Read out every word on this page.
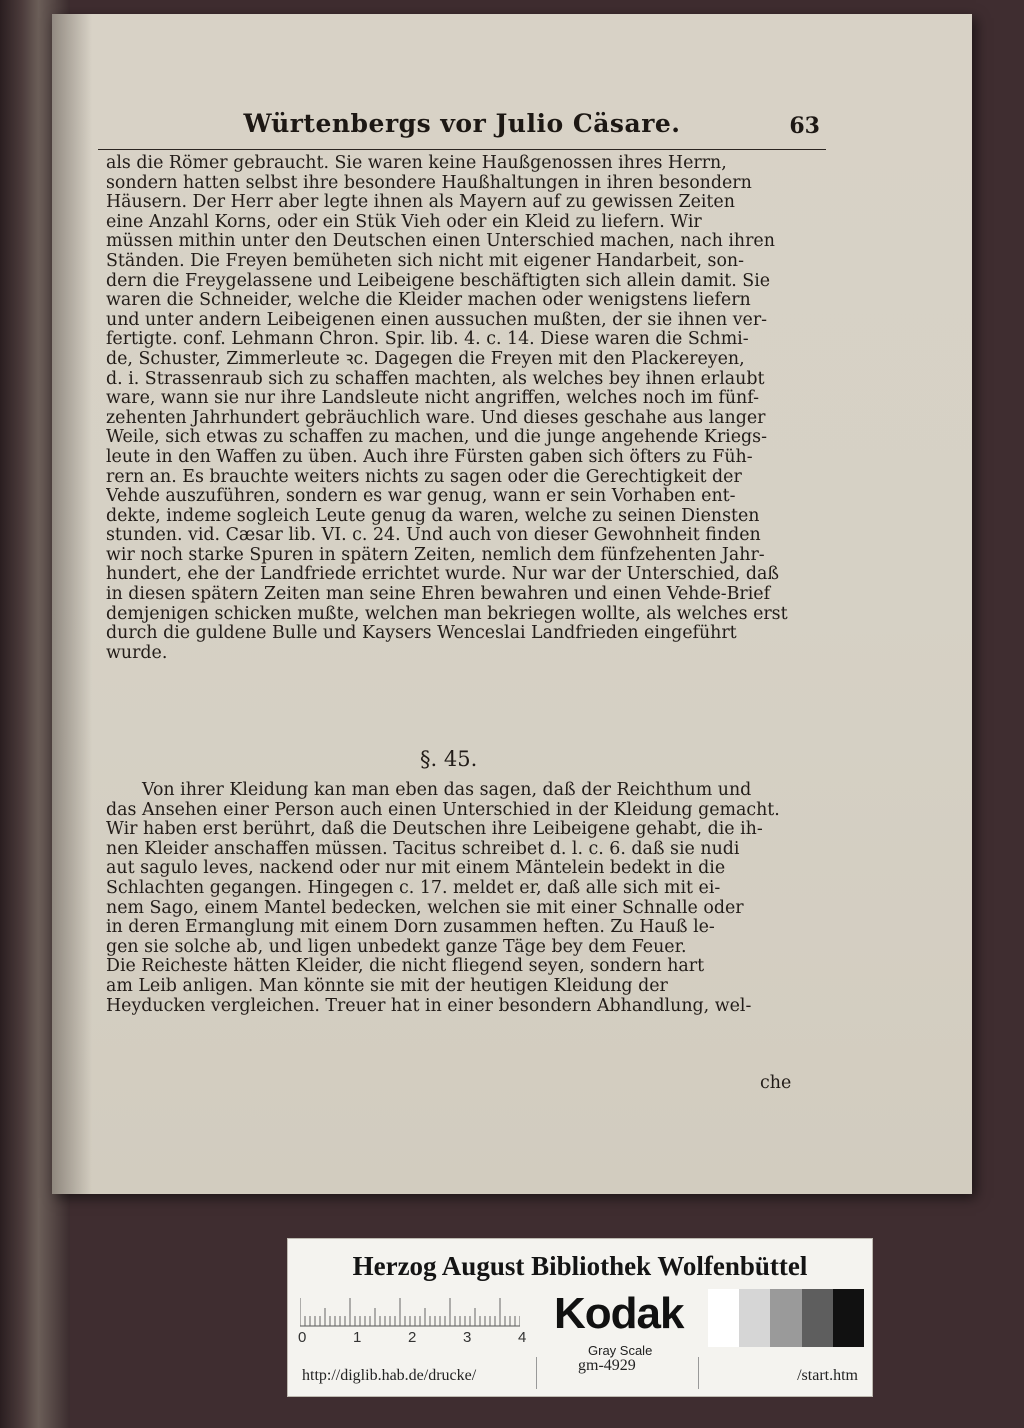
Würtenbergs vor Julio Cäsare.	63
als die Römer gebraucht. Sie waren keine Haußgenossen ihres Herrn,
sondern hatten selbst ihre besondere Haußhaltungen in ihren besondern
Häusern. Der Herr aber legte ihnen als Mayern auf zu gewissen Zeiten
eine Anzahl Korns, oder ein Stük Vieh oder ein Kleid zu liefern. Wir
müssen mithin unter den Deutschen einen Unterschied machen, nach ihren
Ständen. Die Freyen bemüheten sich nicht mit eigener Handarbeit, son-
dern die Freygelassene und Leibeigene beschäftigten sich allein damit. Sie
waren die Schneider, welche die Kleider machen oder wenigstens liefern
und unter andern Leibeigenen einen aussuchen mußten, der sie ihnen ver-
fertigte. conf. Lehmann Chron. Spir. lib. 4. c. 14. Diese waren die Schmi-
de, Schuster, Zimmerleute ꝛc. Dagegen die Freyen mit den Plackereyen,
d. i. Strassenraub sich zu schaffen machten, als welches bey ihnen erlaubt
ware, wann sie nur ihre Landsleute nicht angriffen, welches noch im fünf-
zehenten Jahrhundert gebräuchlich ware. Und dieses geschahe aus langer
Weile, sich etwas zu schaffen zu machen, und die junge angehende Kriegs-
leute in den Waffen zu üben. Auch ihre Fürsten gaben sich öfters zu Füh-
rern an. Es brauchte weiters nichts zu sagen oder die Gerechtigkeit der
Vehde auszuführen, sondern es war genug, wann er sein Vorhaben ent-
dekte, indeme sogleich Leute genug da waren, welche zu seinen Diensten
stunden. vid. Cæsar lib. VI. c. 24. Und auch von dieser Gewohnheit finden
wir noch starke Spuren in spätern Zeiten, nemlich dem fünfzehenten Jahr-
hundert, ehe der Landfriede errichtet wurde. Nur war der Unterschied, daß
in diesen spätern Zeiten man seine Ehren bewahren und einen Vehde-Brief
demjenigen schicken mußte, welchen man bekriegen wollte, als welches erst
durch die guldene Bulle und Kaysers Wenceslai Landfrieden eingeführt
wurde.
§. 45.
Von ihrer Kleidung kan man eben das sagen, daß der Reichthum und
das Ansehen einer Person auch einen Unterschied in der Kleidung gemacht.
Wir haben erst berührt, daß die Deutschen ihre Leibeigene gehabt, die ih-
nen Kleider anschaffen müssen. Tacitus schreibet d. l. c. 6. daß sie nudi
aut sagulo leves, nackend oder nur mit einem Mäntelein bedekt in die
Schlachten gegangen. Hingegen c. 17. meldet er, daß alle sich mit ei-
nem Sago, einem Mantel bedecken, welchen sie mit einer Schnalle oder
in deren Ermanglung mit einem Dorn zusammen heften. Zu Hauß le-
gen sie solche ab, und ligen unbedekt ganze Täge bey dem Feuer.
Die Reicheste hätten Kleider, die nicht fliegend seyen, sondern hart
am Leib anligen. Man könnte sie mit der heutigen Kleidung der
Heyducken vergleichen. Treuer hat in einer besondern Abhandlung, wel-
che
Herzog August Bibliothek Wolfenbüttel
0	1	2	3	4 Kodak
Gray Scale
http://diglib.hab.de/drucke/
gm-4929
/start.htm
